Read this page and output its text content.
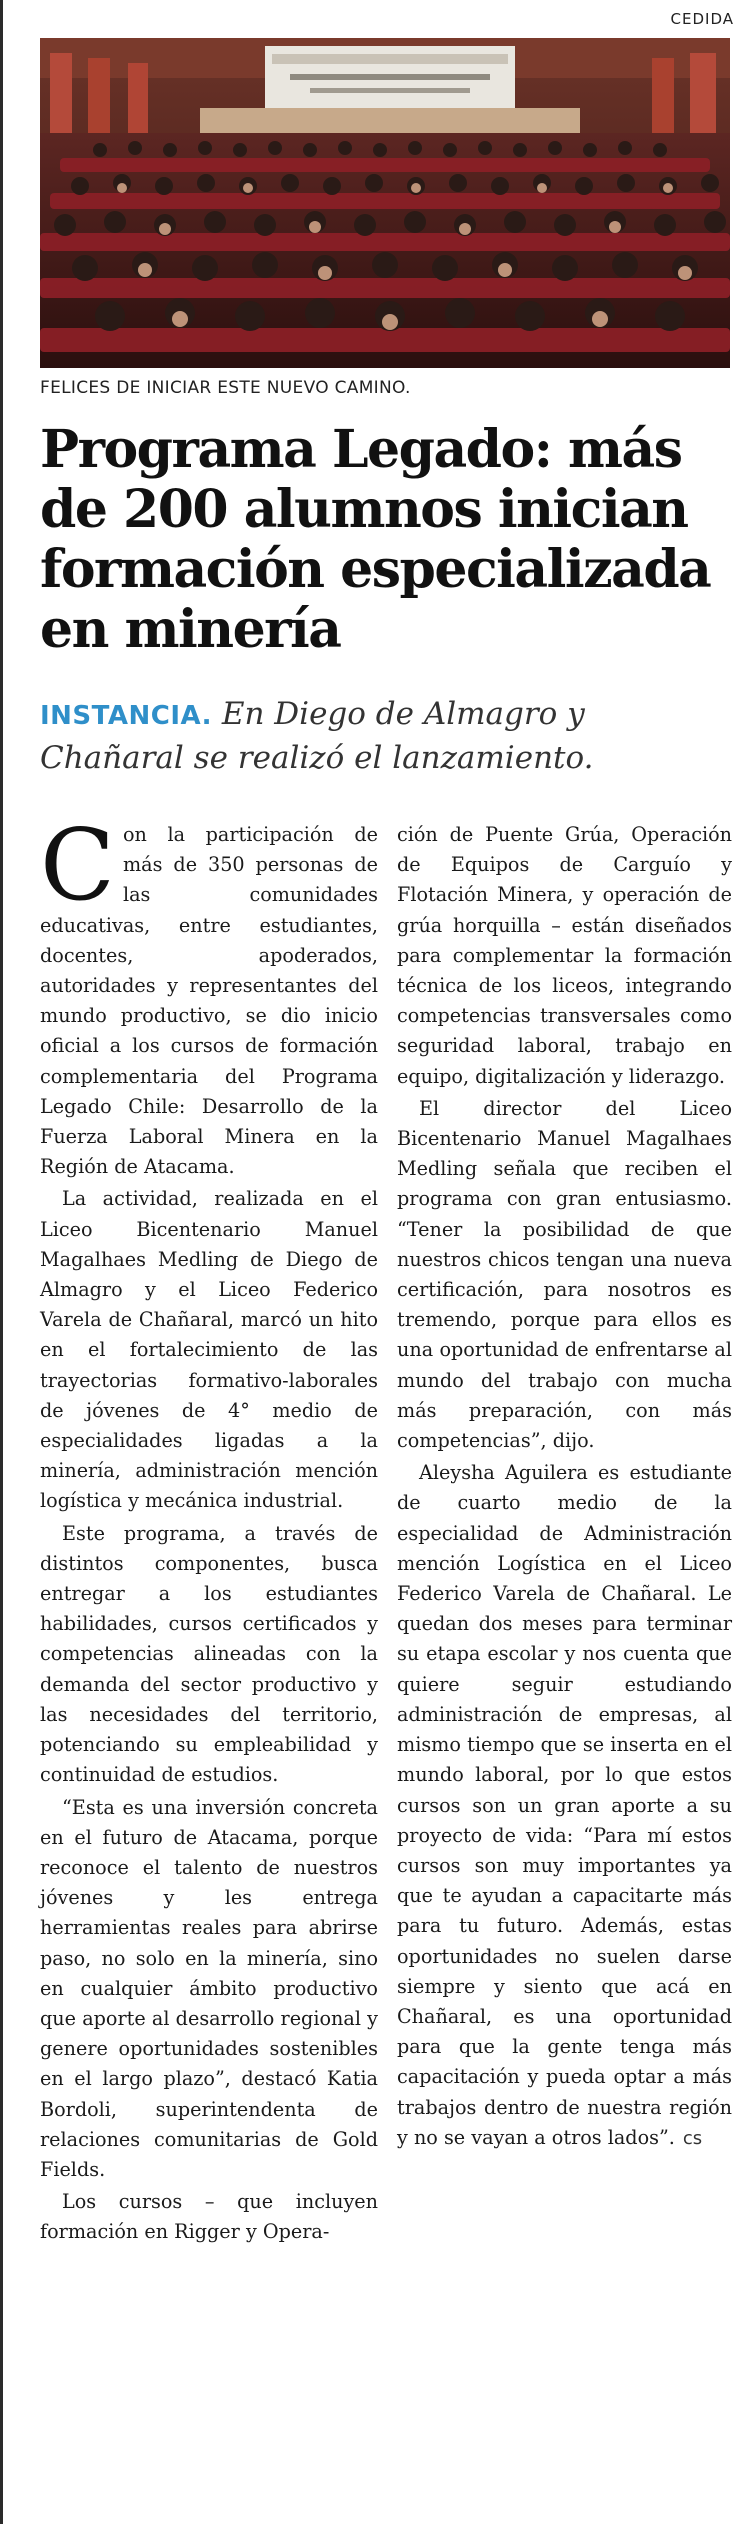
CEDIDA
FELICES DE INICIAR ESTE NUEVO CAMINO.
Programa Legado: más
de 200 alumnos inician
formación especializada
en minería
INSTANCIA. En Diego de Almagro y Chañaral se realizó el lanzamiento.

Con la participación de más de 350 personas de las comunidades educativas, entre estudiantes, docentes, apoderados, autoridades y representantes del mundo productivo, se dio inicio oficial a los cursos de formación complementaria del Programa Legado Chile: Desarrollo de la Fuerza Laboral Minera en la Región de Atacama.

La actividad, realizada en el Liceo Bicentenario Manuel Magalhaes Medling de Diego de Almagro y el Liceo Federico Varela de Chañaral, marcó un hito en el fortalecimiento de las trayectorias formativo-laborales de jóvenes de 4° medio de especialidades ligadas a la minería, administración mención logística y mecánica industrial.

Este programa, a través de distintos componentes, busca entregar a los estudiantes habilidades, cursos certificados y competencias alineadas con la demanda del sector productivo y las necesidades del territorio, potenciando su empleabilidad y continuidad de estudios.

“Esta es una inversión concreta en el futuro de Atacama, porque reconoce el talento de nuestros jóvenes y les entrega herramientas reales para abrirse paso, no solo en la minería, sino en cualquier ámbito productivo que aporte al desarrollo regional y genere oportunidades sostenibles en el largo plazo”, destacó Katia Bordoli, superintendenta de relaciones comunitarias de Gold Fields.

Los cursos – que incluyen formación en Rigger y Opera-

ción de Puente Grúa, Operación de Equipos de Carguío y Flotación Minera, y operación de grúa horquilla – están diseñados para complementar la formación técnica de los liceos, integrando competencias transversales como seguridad laboral, trabajo en equipo, digitalización y liderazgo.

El director del Liceo Bicentenario Manuel Magalhaes Medling señala que reciben el programa con gran entusiasmo. “Tener la posibilidad de que nuestros chicos tengan una nueva certificación, para nosotros es tremendo, porque para ellos es una oportunidad de enfrentarse al mundo del trabajo con mucha más preparación, con más competencias”, dijo.

Aleysha Aguilera es estudiante de cuarto medio de la especialidad de Administración mención Logística en el Liceo Federico Varela de Chañaral. Le quedan dos meses para terminar su etapa escolar y nos cuenta que quiere seguir estudiando administración de empresas, al mismo tiempo que se inserta en el mundo laboral, por lo que estos cursos son un gran aporte a su proyecto de vida: “Para mí estos cursos son muy importantes ya que te ayudan a capacitarte más para tu futuro. Además, estas oportunidades no suelen darse siempre y siento que acá en Chañaral, es una oportunidad para que la gente tenga más capacitación y pueda optar a más trabajos dentro de nuestra región y no se vayan a otros lados”. cs
